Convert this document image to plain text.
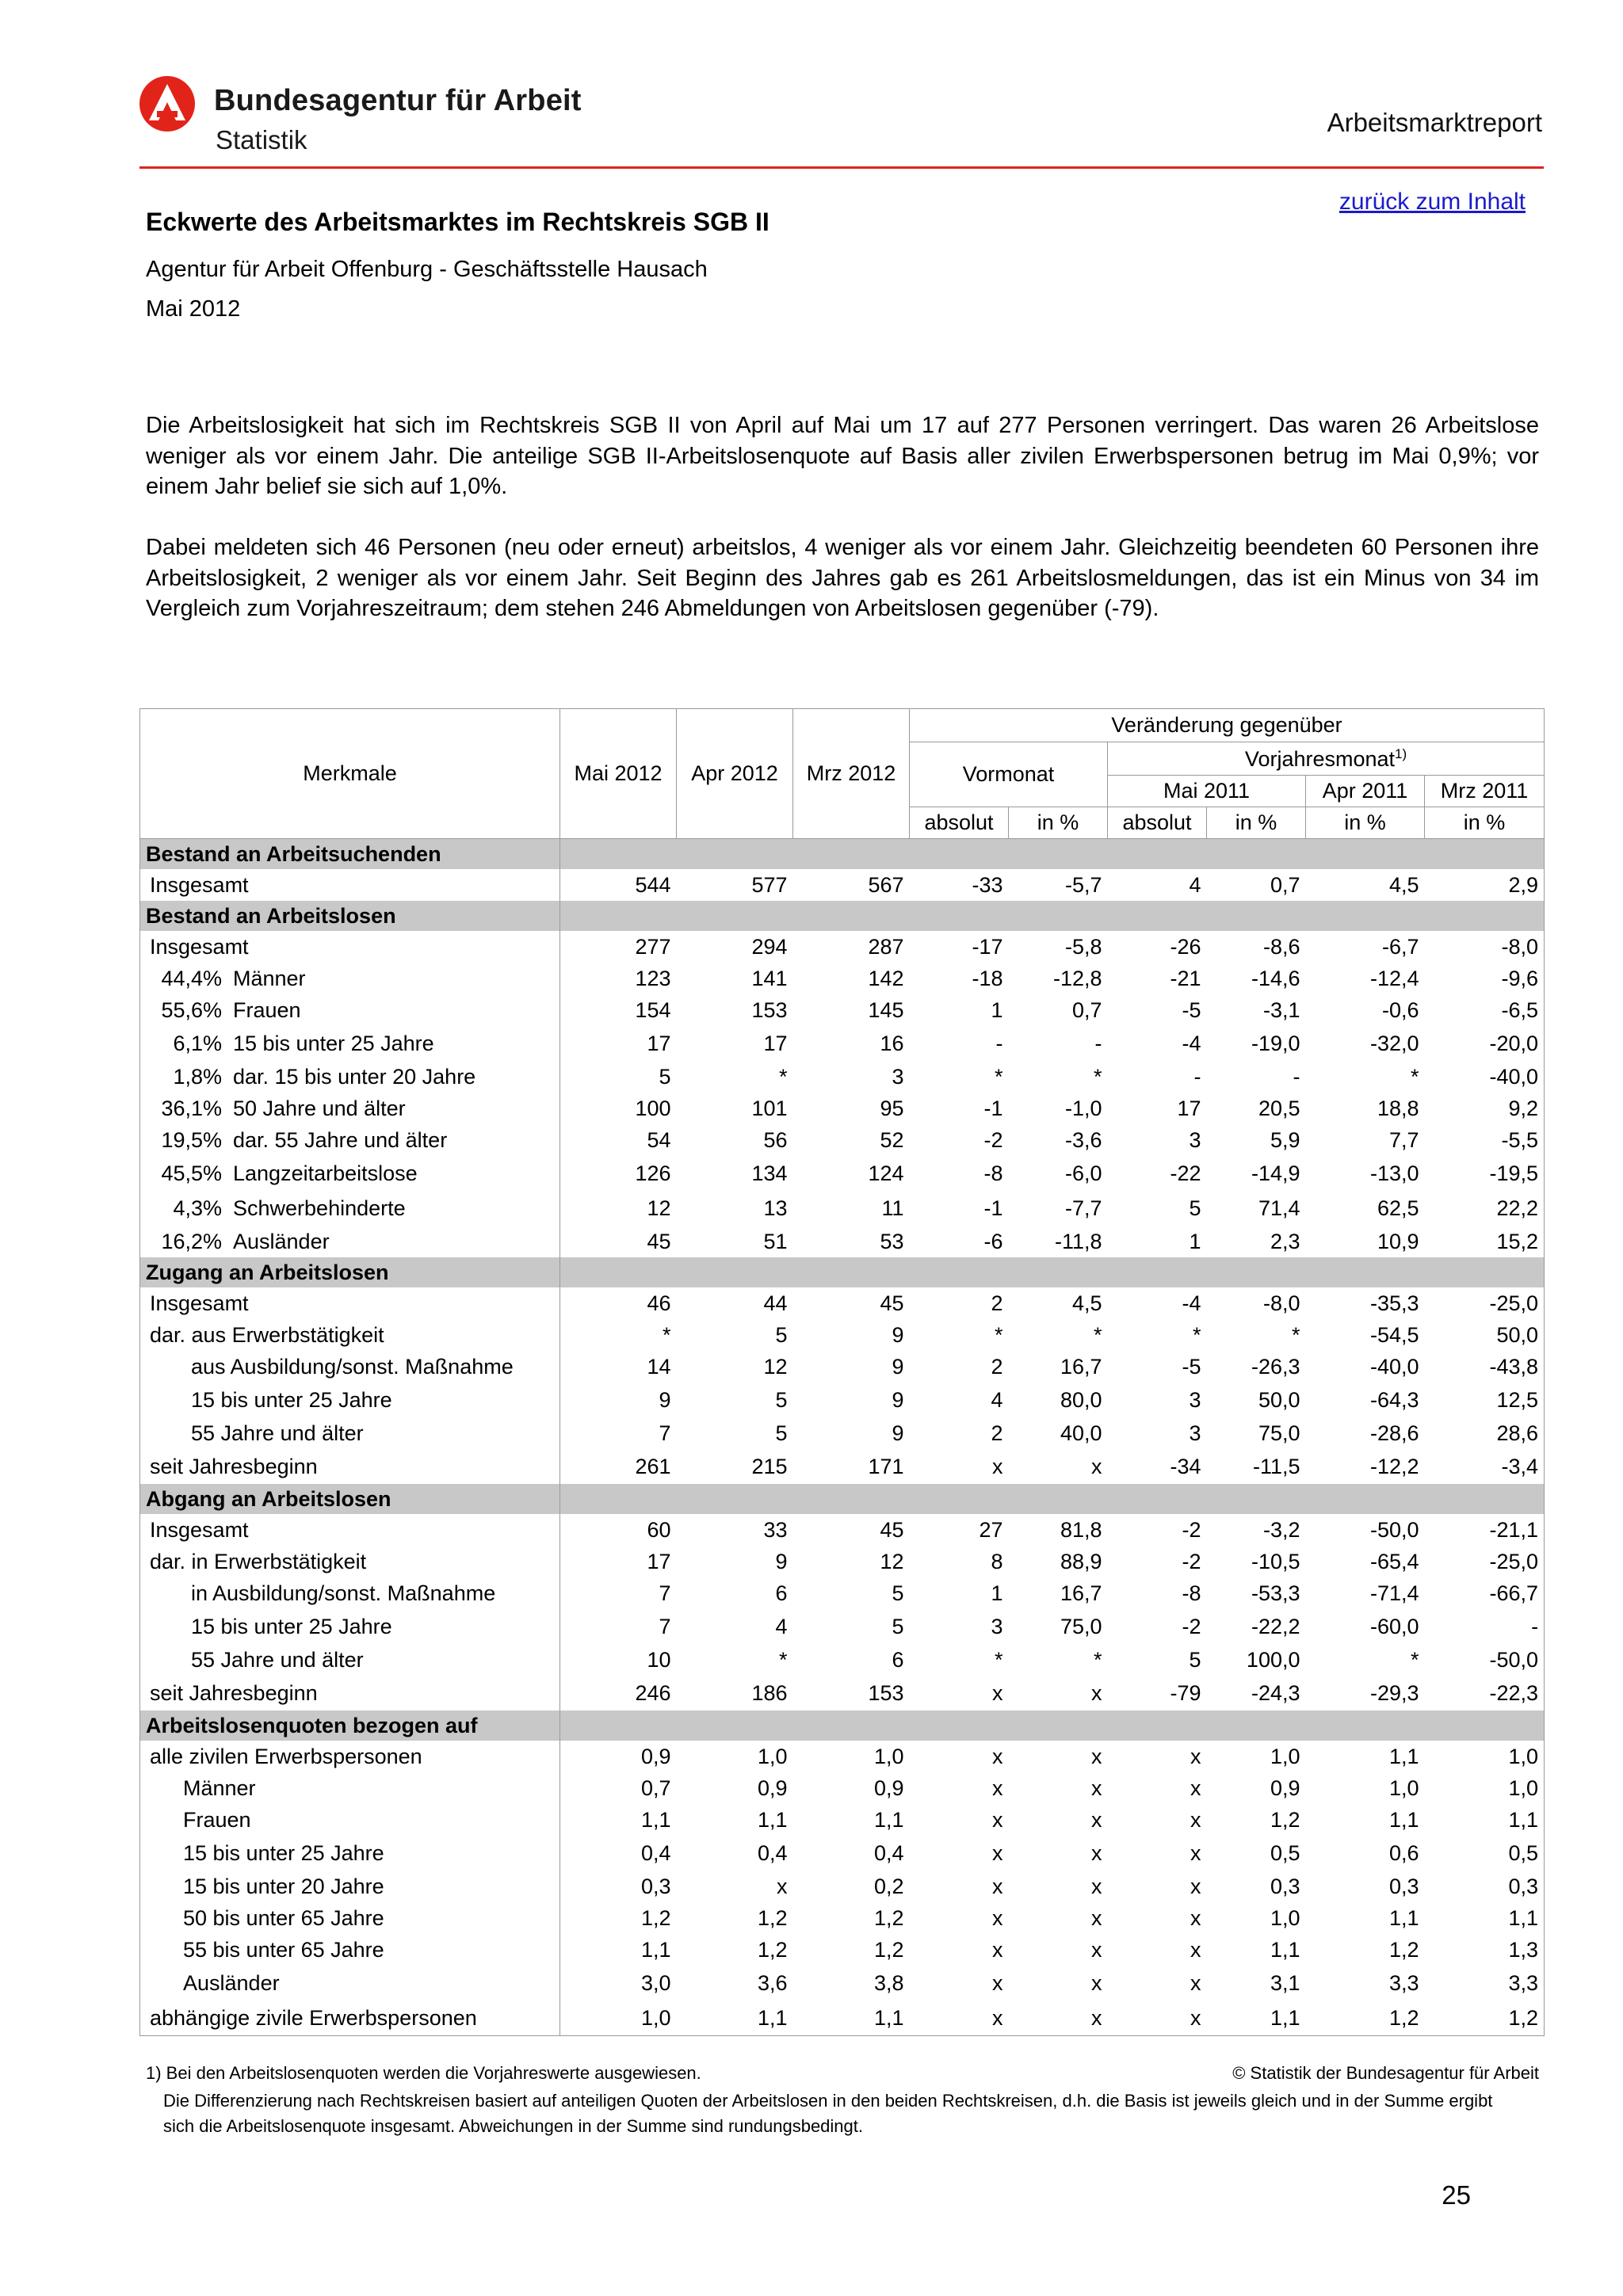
Bundesagentur für Arbeit
Statistik
Arbeitsmarktreport
zurück zum Inhalt
Eckwerte des Arbeitsmarktes im Rechtskreis SGB II
Agentur für Arbeit Offenburg - Geschäftsstelle Hausach
Mai 2012

Die Arbeitslosigkeit hat sich im Rechtskreis SGB II von April auf Mai um 17 auf 277 Personen verringert. Das waren 26 Arbeitslose weniger als vor einem Jahr. Die anteilige SGB II-Arbeitslosenquote auf Basis aller zivilen Erwerbspersonen betrug im Mai 0,9%; vor einem Jahr belief sie sich auf 1,0%.

Dabei meldeten sich 46 Personen (neu oder erneut) arbeitslos, 4 weniger als vor einem Jahr. Gleichzeitig beendeten 60 Personen ihre Arbeitslosigkeit, 2 weniger als vor einem Jahr. Seit Beginn des Jahres gab es 261 Arbeitslosmeldungen, das ist ein Minus von 34 im Vergleich zum Vorjahreszeitraum; dem stehen 246 Abmeldungen von Arbeitslosen gegenüber (-79).

Merkmale	Mai 2012	Apr 2012	Mrz 2012	Veränderung gegenüber					
				Vormonat		Vorjahresmonat$^{1)}$
						Mai 2011		Apr 2011	Mrz 2011
				absolut	in %	absolut	in %	in %	in %
Bestand an Arbeitsuchenden									
Insgesamt	544	577	567	-33	-5,7	4	0,7	4,5	2,9
Bestand an Arbeitslosen									
Insgesamt	277	294	287	-17	-5,8	-26	-8,6	-6,7	-8,0
44,4% Männer	123	141	142	-18	-12,8	-21	-14,6	-12,4	-9,6
55,6% Frauen	154	153	145	1	0,7	-5	-3,1	-0,6	-6,5
6,1% 15 bis unter 25 Jahre	17	17	16	-	-	-4	-19,0	-32,0	-20,0
1,8% dar. 15 bis unter 20 Jahre	5	*	3	*	*	-	-	*	-40,0
36,1% 50 Jahre und älter	100	101	95	-1	-1,0	17	20,5	18,8	9,2
19,5% dar. 55 Jahre und älter	54	56	52	-2	-3,6	3	5,9	7,7	-5,5
45,5% Langzeitarbeitslose	126	134	124	-8	-6,0	-22	-14,9	-13,0	-19,5
4,3% Schwerbehinderte	12	13	11	-1	-7,7	5	71,4	62,5	22,2
16,2% Ausländer	45	51	53	-6	-11,8	1	2,3	10,9	15,2
Zugang an Arbeitslosen									
Insgesamt	46	44	45	2	4,5	-4	-8,0	-35,3	-25,0
dar. aus Erwerbstätigkeit	*	5	9	*	*	*	*	-54,5	50,0
aus Ausbildung/sonst. Maßnahme	14	12	9	2	16,7	-5	-26,3	-40,0	-43,8
15 bis unter 25 Jahre	9	5	9	4	80,0	3	50,0	-64,3	12,5
55 Jahre und älter	7	5	9	2	40,0	3	75,0	-28,6	28,6
seit Jahresbeginn	261	215	171	x	x	-34	-11,5	-12,2	-3,4
Abgang an Arbeitslosen									
Insgesamt	60	33	45	27	81,8	-2	-3,2	-50,0	-21,1
dar. in Erwerbstätigkeit	17	9	12	8	88,9	-2	-10,5	-65,4	-25,0
in Ausbildung/sonst. Maßnahme	7	6	5	1	16,7	-8	-53,3	-71,4	-66,7
15 bis unter 25 Jahre	7	4	5	3	75,0	-2	-22,2	-60,0	-
55 Jahre und älter	10	*	6	*	*	5	100,0	*	-50,0
seit Jahresbeginn	246	186	153	x	x	-79	-24,3	-29,3	-22,3
Arbeitslosenquoten bezogen auf									
alle zivilen Erwerbspersonen	0,9	1,0	1,0	x	x	x	1,0	1,1	1,0
Männer	0,7	0,9	0,9	x	x	x	0,9	1,0	1,0
Frauen	1,1	1,1	1,1	x	x	x	1,2	1,1	1,1
15 bis unter 25 Jahre	0,4	0,4	0,4	x	x	x	0,5	0,6	0,5
15 bis unter 20 Jahre	0,3	x	0,2	x	x	x	0,3	0,3	0,3
50 bis unter 65 Jahre	1,2	1,2	1,2	x	x	x	1,0	1,1	1,1
55 bis unter 65 Jahre	1,1	1,2	1,2	x	x	x	1,1	1,2	1,3
Ausländer	3,0	3,6	3,8	x	x	x	3,1	3,3	3,3
abhängige zivile Erwerbspersonen	1,0	1,1	1,1	x	x	x	1,1	1,2	1,2
1) Bei den Arbeitslosenquoten werden die Vorjahreswerte ausgewiesen.	© Statistik der Bundesagentur für Arbeit
Die Differenzierung nach Rechtskreisen basiert auf anteiligen Quoten der Arbeitslosen in den beiden Rechtskreisen, d.h. die Basis ist jeweils gleich und in der Summe ergibt sich die Arbeitslosenquote insgesamt. Abweichungen in der Summe sind rundungsbedingt.
25
